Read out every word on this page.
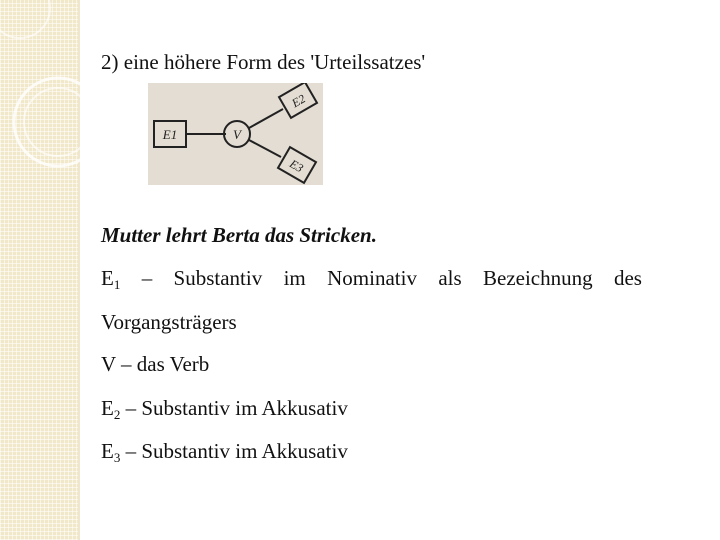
2) eine höhere Form des 'Urteilssatzes'
E1	V
E2
E3
Mutter lehrt Berta das Stricken.
$E_1$ – Substantiv im Nominativ als Bezeichnung des
Vorgangsträgers
V – das Verb
$E_2$ – Substantiv im Akkusativ
$E_3$ – Substantiv im Akkusativ
